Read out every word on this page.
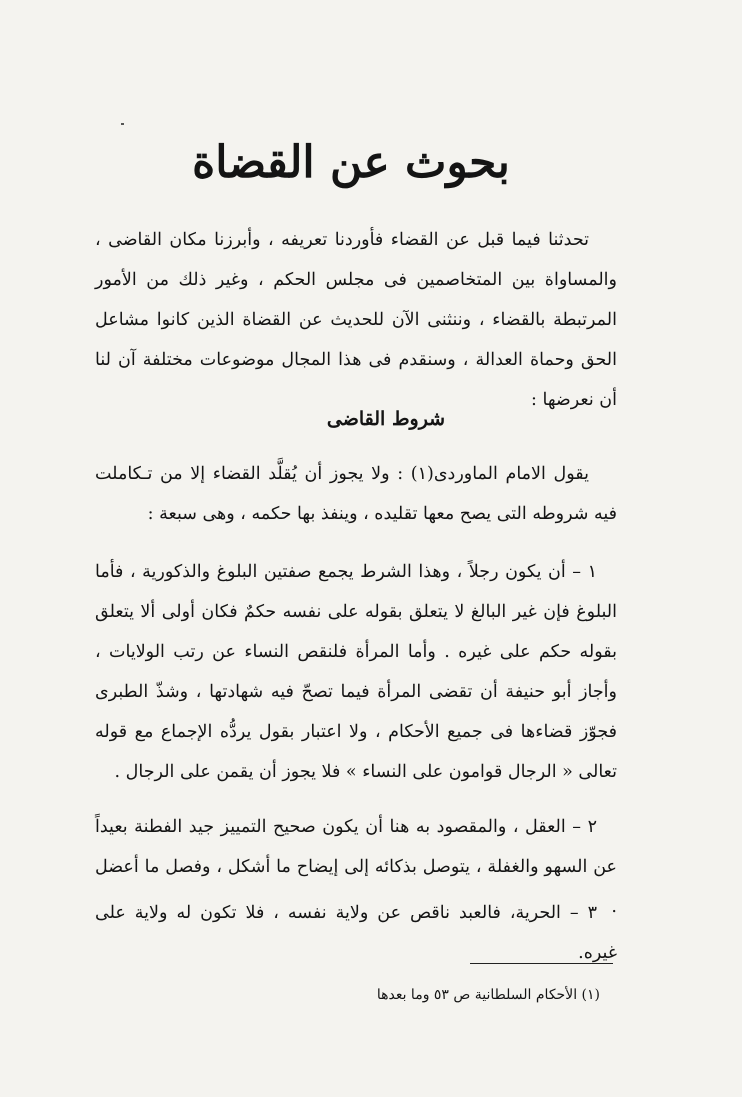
بحوث عن القضاة

تحدثنا فيما قبل عن القضاء فأوردنا تعريفه ، وأبرزنا مكان القاضى ، والمساواة بين المتخاصمين فى مجلس الحكم ، وغير ذلك من الأمور المرتبطة بالقضاء ، وننثنى الآن للحديث عن القضاة الذين كانوا مشاعل الحق وحماة العدالة ، وسنقدم فى هذا المجال موضوعات مختلفة آن لنا أن نعرضها :

شروط القاضى

يقول الامام الماوردى(١) : ولا يجوز أن يُقلَّد القضاء إلا من تـكاملت فيه شروطه التى يصح معها تقليده ، وينفذ بها حكمه ، وهى سبعة :

١ – أن يكون رجلاً ، وهذا الشرط يجمع صفتين البلوغ والذكورية ، فأما البلوغ فإن غير البالغ لا يتعلق بقوله على نفسه حكمٌ فكان أولى ألا يتعلق بقوله حكم على غيره . وأما المرأة فلنقص النساء عن رتب الولايات ، وأجاز أبو حنيفة أن تقضى المرأة فيما تصحّ فيه شهادتها ، وشذّ الطبرى فجوّز قضاءها فى جميع الأحكام ، ولا اعتبار بقول يردُّه الإجماع مع قوله تعالى « الرجال قوامون على النساء » فلا يجوز أن يقمن على الرجال .

٢ – العقل ، والمقصود به هنا أن يكون صحيح التمييز جيد الفطنة بعيداً عن السهو والغفلة ، يتوصل بذكائه إلى إيضاح ما أشكل ، وفصل ما أعضل .

٣ – الحرية، فالعبد ناقص عن ولاية نفسه ، فلا تكون له ولاية على غيره.

(١) الأحكام السلطانية ص ٥٣ وما بعدها
